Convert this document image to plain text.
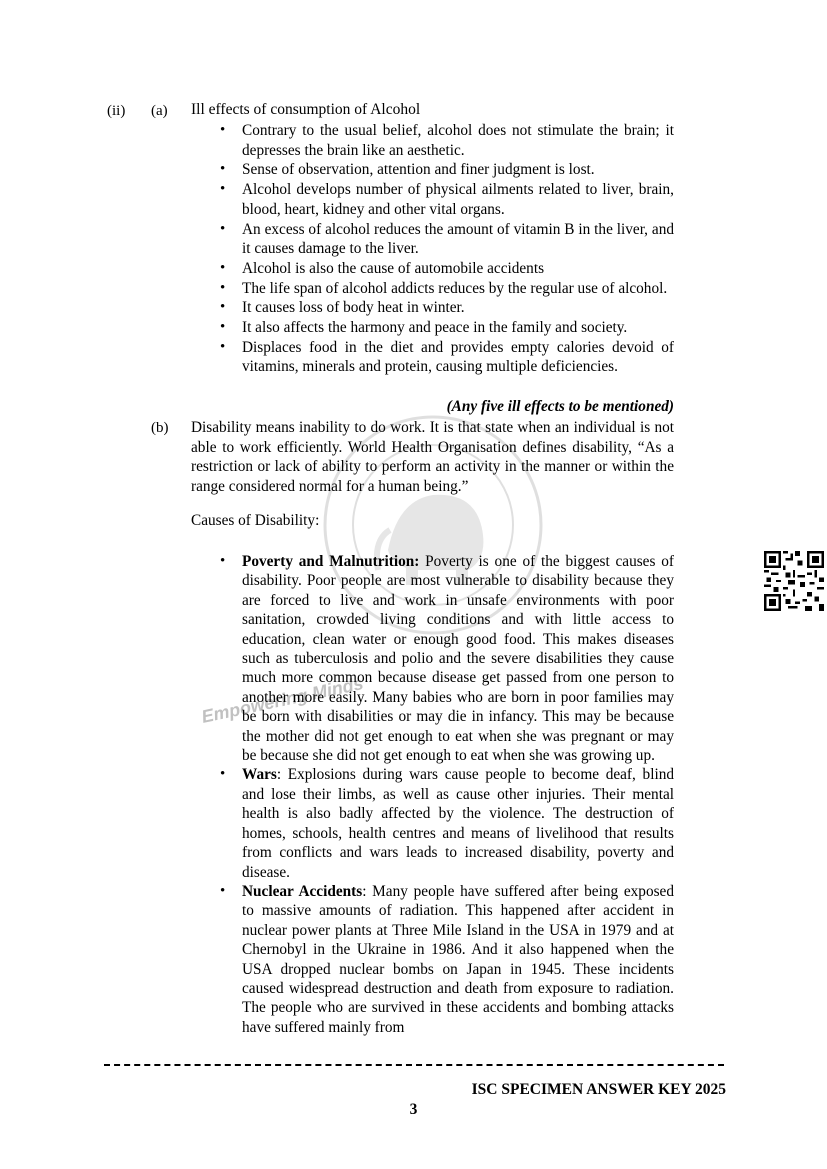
Empowering Minds
(ii) (a) Ill effects of consumption of Alcohol
• Contrary to the usual belief, alcohol does not stimulate the brain; it depresses the brain like an aesthetic.
• Sense of observation, attention and finer judgment is lost.
• Alcohol develops number of physical ailments related to liver, brain, blood, heart, kidney and other vital organs.
• An excess of alcohol reduces the amount of vitamin B in the liver, and it causes damage to the liver.
• Alcohol is also the cause of automobile accidents
• The life span of alcohol addicts reduces by the regular use of alcohol.
• It causes loss of body heat in winter.
• It also affects the harmony and peace in the family and society.
• Displaces food in the diet and provides empty calories devoid of vitamins, minerals and protein, causing multiple deficiencies.
(Any five ill effects to be mentioned)
(b) Disability means inability to do work. It is that state when an individual is not able to work efficiently. World Health Organisation defines disability, “As a restriction or lack of ability to perform an activity in the manner or within the range considered normal for a human being.”

Causes of Disability:
• Poverty and Malnutrition: Poverty is one of the biggest causes of disability. Poor people are most vulnerable to disability because they are forced to live and work in unsafe environments with poor sanitation, crowded living conditions and with little access to education, clean water or enough good food. This makes diseases such as tuberculosis and polio and the severe disabilities they cause much more common because disease get passed from one person to another more easily. Many babies who are born in poor families may be born with disabilities or may die in infancy. This may be because the mother did not get enough to eat when she was pregnant or may be because she did not get enough to eat when she was growing up.
• Wars: Explosions during wars cause people to become deaf, blind and lose their limbs, as well as cause other injuries. Their mental health is also badly affected by the violence. The destruction of homes, schools, health centres and means of livelihood that results from conflicts and wars leads to increased disability, poverty and disease.
• Nuclear Accidents: Many people have suffered after being exposed to massive amounts of radiation. This happened after accident in nuclear power plants at Three Mile Island in the USA in 1979 and at Chernobyl in the Ukraine in 1986. And it also happened when the USA dropped nuclear bombs on Japan in 1945. These incidents caused widespread destruction and death from exposure to radiation. The people who are survived in these accidents and bombing attacks have suffered mainly from
ISC SPECIMEN ANSWER KEY 2025
3
